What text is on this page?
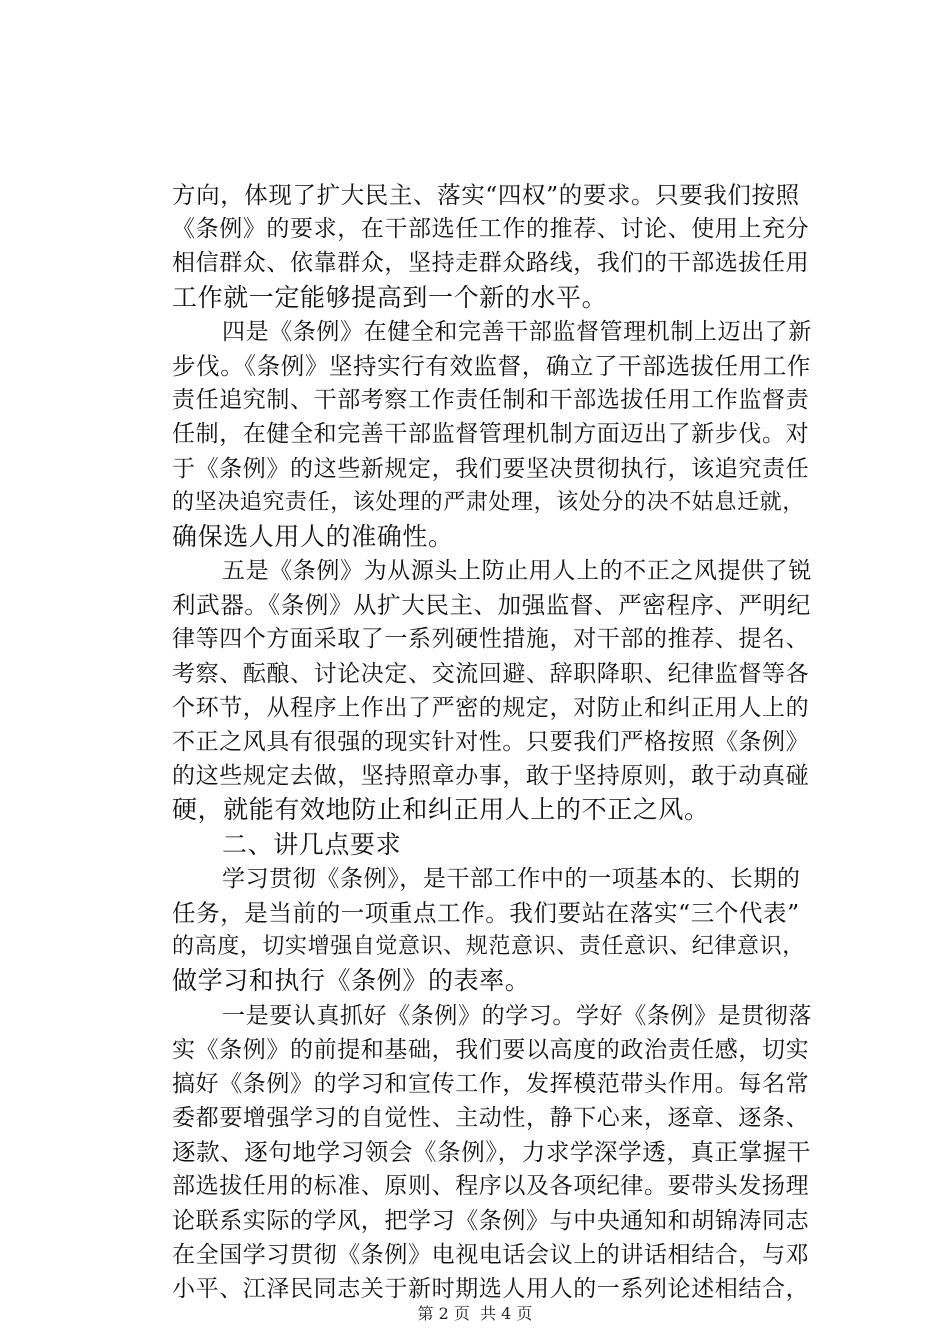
方向，体现了扩大民主、落实“四权”的要求。只要我们按照
《条例》的要求，在干部选任工作的推荐、讨论、使用上充分
相信群众、依靠群众，坚持走群众路线，我们的干部选拔任用
工作就一定能够提高到一个新的水平。
四是《条例》在健全和完善干部监督管理机制上迈出了新
步伐。《条例》坚持实行有效监督，确立了干部选拔任用工作
责任追究制、干部考察工作责任制和干部选拔任用工作监督责
任制，在健全和完善干部监督管理机制方面迈出了新步伐。对
于《条例》的这些新规定，我们要坚决贯彻执行，该追究责任
的坚决追究责任，该处理的严肃处理，该处分的决不姑息迁就，
确保选人用人的准确性。
五是《条例》为从源头上防止用人上的不正之风提供了锐
利武器。《条例》从扩大民主、加强监督、严密程序、严明纪
律等四个方面采取了一系列硬性措施，对干部的推荐、提名、
考察、酝酿、讨论决定、交流回避、辞职降职、纪律监督等各
个环节，从程序上作出了严密的规定，对防止和纠正用人上的
不正之风具有很强的现实针对性。只要我们严格按照《条例》
的这些规定去做，坚持照章办事，敢于坚持原则，敢于动真碰
硬，就能有效地防止和纠正用人上的不正之风。
二、讲几点要求
学习贯彻《条例》，是干部工作中的一项基本的、长期的
任务，是当前的一项重点工作。我们要站在落实“三个代表”
的高度，切实增强自觉意识、规范意识、责任意识、纪律意识，
做学习和执行《条例》的表率。
一是要认真抓好《条例》的学习。学好《条例》是贯彻落
实《条例》的前提和基础，我们要以高度的政治责任感，切实
搞好《条例》的学习和宣传工作，发挥模范带头作用。每名常
委都要增强学习的自觉性、主动性，静下心来，逐章、逐条、
逐款、逐句地学习领会《条例》，力求学深学透，真正掌握干
部选拔任用的标准、原则、程序以及各项纪律。要带头发扬理
论联系实际的学风，把学习《条例》与中央通知和胡锦涛同志
在全国学习贯彻《条例》电视电话会议上的讲话相结合，与邓
小平、江泽民同志关于新时期选人用人的一系列论述相结合，
第 2 页  共 4 页
